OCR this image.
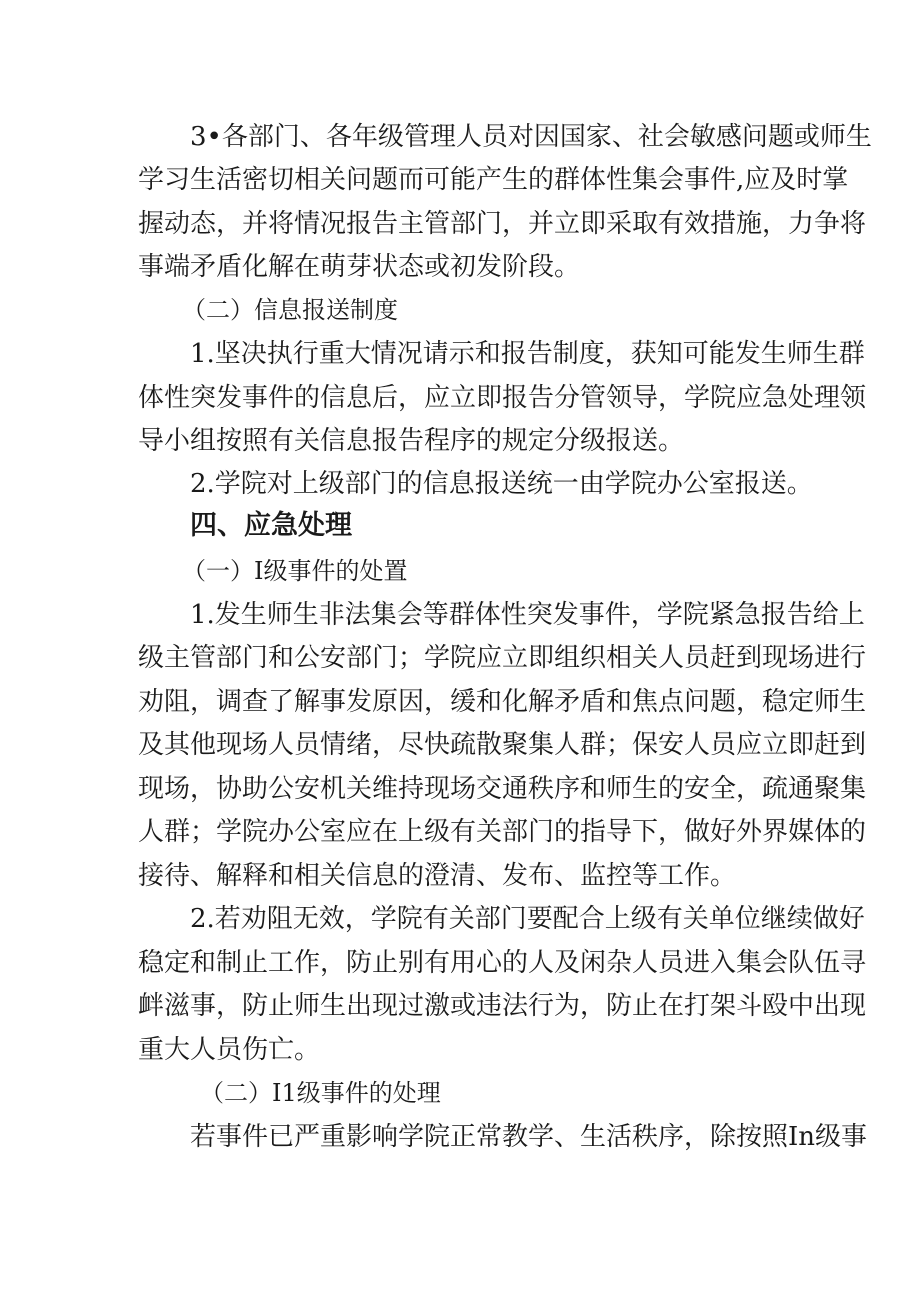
3•各部门、各年级管理人员对因国家、社会敏感问题或师生
学习生活密切相关问题而可能产生的群体性集会事件,应及时掌
握动态，并将情况报告主管部门，并立即采取有效措施，力争将
事端矛盾化解在萌芽状态或初发阶段。
（二）信息报送制度
1.坚决执行重大情况请示和报告制度，获知可能发生师生群
体性突发事件的信息后，应立即报告分管领导，学院应急处理领
导小组按照有关信息报告程序的规定分级报送。
2.学院对上级部门的信息报送统一由学院办公室报送。
四、应急处理
（一）I级事件的处置
1.发生师生非法集会等群体性突发事件，学院紧急报告给上
级主管部门和公安部门；学院应立即组织相关人员赶到现场进行
劝阻，调查了解事发原因，缓和化解矛盾和焦点问题，稳定师生
及其他现场人员情绪，尽快疏散聚集人群；保安人员应立即赶到
现场，协助公安机关维持现场交通秩序和师生的安全，疏通聚集
人群；学院办公室应在上级有关部门的指导下，做好外界媒体的
接待、解释和相关信息的澄清、发布、监控等工作。
2.若劝阻无效，学院有关部门要配合上级有关单位继续做好
稳定和制止工作，防止别有用心的人及闲杂人员进入集会队伍寻
衅滋事，防止师生出现过激或违法行为，防止在打架斗殴中出现
重大人员伤亡。
（二）I1级事件的处理
若事件已严重影响学院正常教学、生活秩序，除按照In级事
